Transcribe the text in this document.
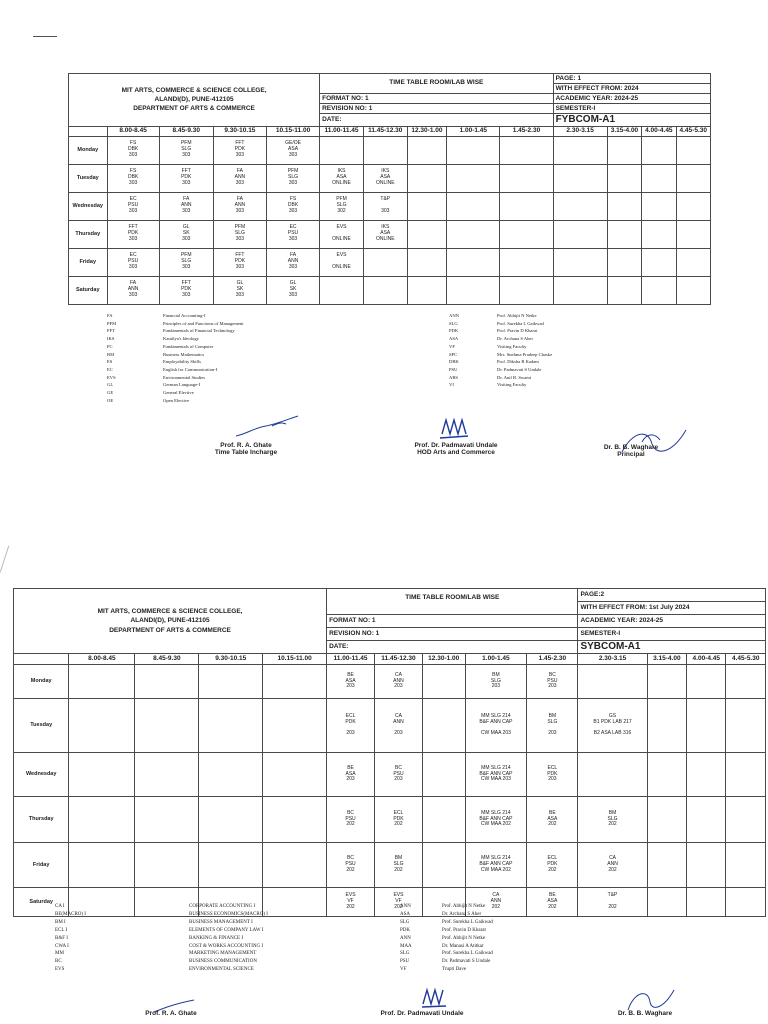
MIT ARTS, COMMERCE & SCIENCE COLLEGE,
ALANDI(D), PUNE-412105
DEPARTMENT OF ARTS & COMMERCE					TIME TABLE ROOM/LAB WISE					PAGE: 1			
										WITH EFFECT FROM: 2024			
					FORMAT NO: 1					ACADEMIC YEAR: 2024-25			
					REVISION NO: 1					SEMESTER-I			
					DATE:					FYBCOM-A1			
	8.00-8.45	8.45-9.30	9.30-10.15	10.15-11.00	11.00-11.45	11.45-12.30	12.30-1.00	1.00-1.45	1.45-2.30	2.30-3.15	3.15-4.00	4.00-4.45	4.45-5.30
Monday	FS
DBK
303	PFM
SLG
303	FFT
PDK
303	GE/OE
ASA
303									

Tuesday	FS
DBK
303	FFT
PDK
303	FA
ANN
303	PFM
SLG
303	IKS
ASA
ONLINE	IKS
ASA
ONLINE							

Wednesday	EC
PSU
303	FA
ANN
303	FA
ANN
303	FS
DBK
303	PFM
SLG
302	T&P

303							

Thursday	FFT
PDK
303	GL
SK
303	PFM
SLG
303	EC
PSU
303	EVS

ONLINE	IKS
ASA
ONLINE							

Friday	EC
PSU
303	PFM
SLG
303	FFT
PDK
303	FA
ANN
303	EVS

ONLINE								

Saturday	FA
ANN
303	FFT
PDK
303	GL
SK
303	GL
SK
303									

FA	Financial Accounting-I
PFM	Principles of and Functions of Management
FFT	Fundamentals of Financial Technology
IKS	Kautilya's Ideology
FC	Fundamentals of Computer
BM	Business Mathematics
ES	Employability Skills
EC	English for Communication-I
EVS	Environmental Studies
GL	German Language-I
GE	General Elective
OE	Open Elective
ANN	Prof. Abhijit N Netke
SLG	Prof. Surekha L Gaikwad
PDK	Prof. Pravin D Kharat
ASA	Dr. Archana S Aher
VF	Visiting Faculty
SPC	Mrs. Snehma Pradeep Chaske
DBK	Prof. Diksha B Kadam
PSU	Dr. Padmavati S Undale
ABS	Dr. Anil B. Swami
VI	Visiting Faculty
Prof. R. A. Ghate
Time Table Incharge
Prof. Dr. Padmavati Undale
HOD Arts and Commerce
Dr. B. B. Waghare
Principal
MIT ARTS, COMMERCE & SCIENCE COLLEGE,
ALANDI(D), PUNE-412105
DEPARTMENT OF ARTS & COMMERCE					TIME TABLE ROOM/LAB WISE					PAGE:2			
										WITH EFFECT FROM: 1st July 2024			
					FORMAT NO: 1					ACADEMIC YEAR: 2024-25			
					REVISION NO: 1					SEMESTER-I			
					DATE:					SYBCOM-A1			
	8.00-8.45	8.45-9.30	9.30-10.15	10.15-11.00	11.00-11.45	11.45-12.30	12.30-1.00	1.00-1.45	1.45-2.30	2.30-3.15	3.15-4.00	4.00-4.45	4.45-5.30
Monday					BE
ASA
203	CA
ANN
203		BM
SLG
203	BC
PSU
203				

Tuesday					ECL
PDK

203	CA
ANN

203		MM SLG 214
B&F ANN CAP

CW MAA 203	BM
SLG

203	GS
B1 PDK LAB 217

B2 ASA LAB 316			

Wednesday					BE
ASA
203	BC
PSU
203		MM SLG 214
B&F ANN CAP
CW MAA 203	ECL
PDK
203				

Thursday					BC
PSU
202	ECL
PDK
202		MM SLG 214
B&F ANN CAP
CW MAA 202	BE
ASA
202	BM
SLG
202			

Friday					BC
PSU
202	BM
SLG
202		MM SLG 214
B&F ANN CAP
CW MAA 202	ECL
PDK
202	CA
ANN
202			

Saturday					EVS
VF
202	EVS
VF
202		CA
ANN
202	BE
ASA
202	T&P

202			

CA I	CORPORATE ACCOUNTING I
BE(MACRO) I	BUSINESS ECONOMICS(MACRO) I
BM I	BUSINESS MANAGEMENT I
ECL I	ELEMENTS OF COMPANY LAW I
B&F I	BANKING & FINANCE I
CWA I	COST & WORKS ACCOUNTING I
MM	MARKETING MANAGEMENT
BC	BUSINESS COMMUNICATION
EVS	ENVIRONMENTAL SCIENCE
ANN	Prof. Abhijit N Netke
ASA	Dr. Archana S Aher
SLG	Prof. Surekha L Gaikwad
PDK	Prof. Pravin D Kharat
ANN	Prof. Abhijit N Netke
MAA	Dr. Manasi A Atitkar
SLG	Prof. Surekha L Gaikwad
PSU	Dr. Padmavati S Undale
VF	Trupti Dave
Prof. R. A. Ghate	Prof. Dr. Padmavati Undale	Dr. B. B. Waghare
